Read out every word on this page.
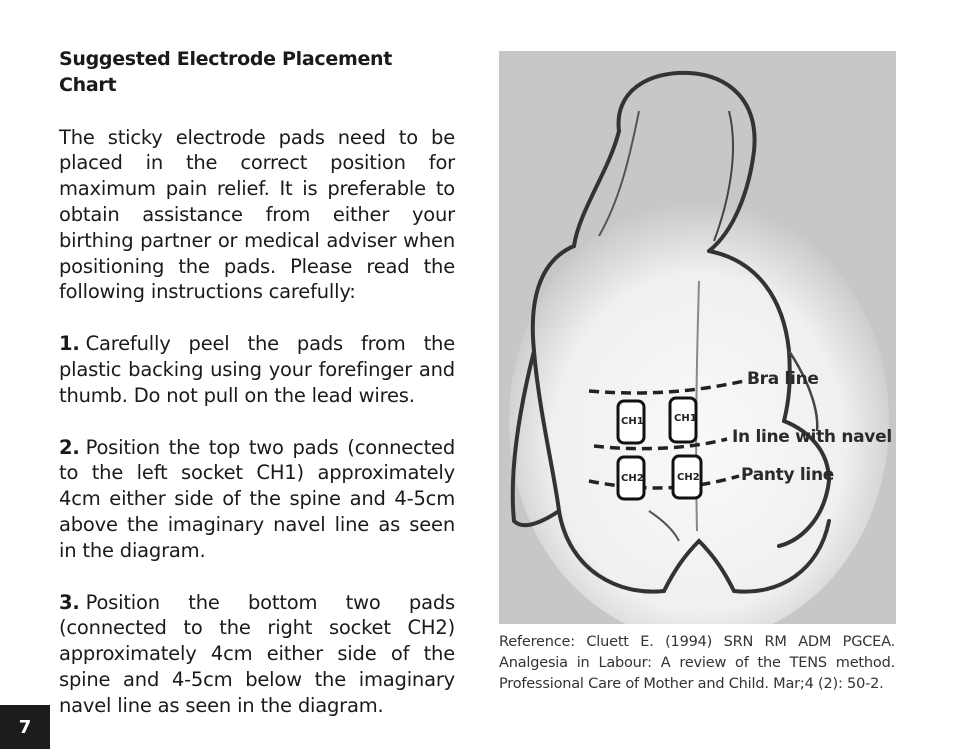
Suggested Electrode Placement Chart
The sticky electrode pads need to be placed in the correct position for maximum pain relief. It is preferable to obtain assistance from either your birthing partner or medical adviser when positioning the pads. Please read the following instructions carefully:
1. Carefully peel the pads from the plastic backing using your forefinger and thumb. Do not pull on the lead wires.
2. Position the top two pads (connected to the left socket CH1) approximately 4cm either side of the spine and 4-5cm above the imaginary navel line as seen in the diagram.
3. Position the bottom two pads (connected to the right socket CH2) approximately 4cm either side of the spine and 4-5cm below the imaginary navel line as seen in the diagram.
CH1	CH1
CH2	CH2
Bra line
In line with navel
Panty line
Reference: Cluett E. (1994) SRN RM ADM PGCEA. Analgesia in Labour: A review of the TENS method. Professional Care of Mother and Child. Mar;4 (2): 50-2.
7
